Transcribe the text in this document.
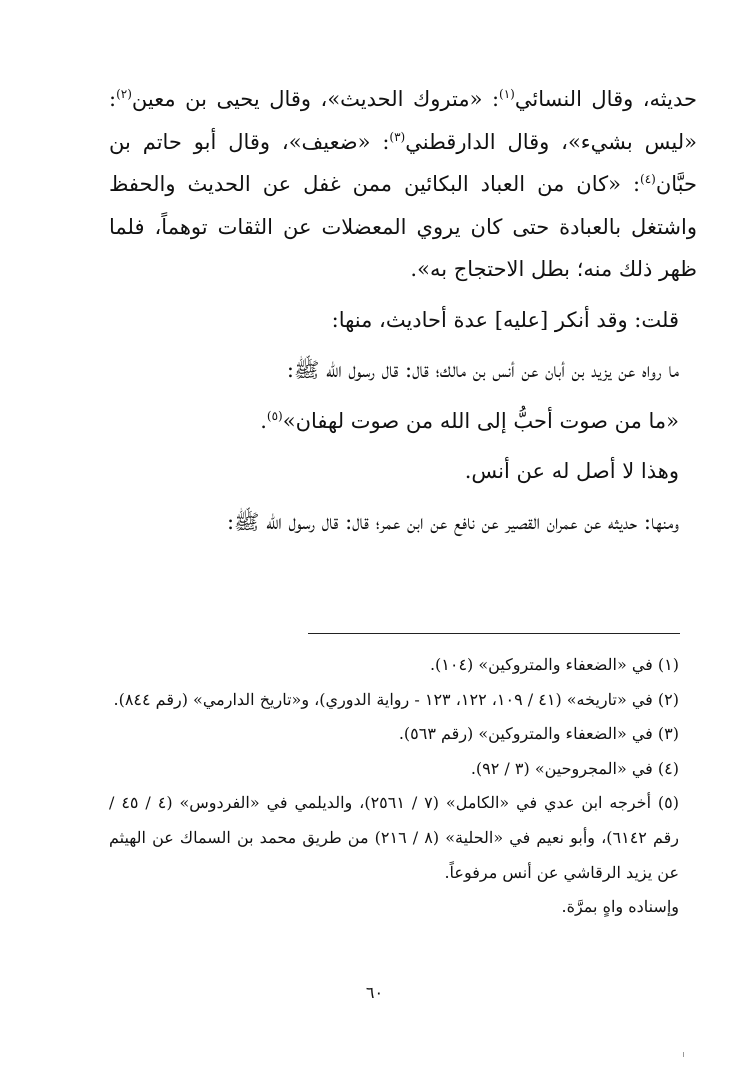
حديثه، وقال النسائي$^{(١)}$: «متروك الحديث»، وقال يحيى بن معين$^{(٢)}$: «ليس بشيء»، وقال الدارقطني$^{(٣)}$: «ضعيف»، وقال أبو حاتم بن حبَّان$^{(٤)}$: «كان من العباد البكائين ممن غفل عن الحديث والحفظ واشتغل بالعبادة حتى كان يروي المعضلات عن الثقات توهماً، فلما ظهر ذلك منه؛ بطل الاحتجاج به».

قلت: وقد أنكر [عليه] عدة أحاديث، منها:

ما رواه عن يزيد بن أبان عن أنس بن مالك؛ قال: قال رسول الله ﷺ:

«ما من صوت أحبُّ إلى الله من صوت لهفان»$^{(٥)}$.

وهذا لا أصل له عن أنس.

ومنها: حديثه عن عمران القصير عن نافع عن ابن عمر؛ قال: قال رسول الله ﷺ:

(١) في «الضعفاء والمتروكين» (١٠٤).

(٢) في «تاريخه» (٤١ / ١٠٩، ١٢٢، ١٢٣ - رواية الدوري)، و«تاريخ الدارمي» (رقم ٨٤٤).

(٣) في «الضعفاء والمتروكين» (رقم ٥٦٣).

(٤) في «المجروحين» (٣ / ٩٢).

(٥) أخرجه ابن عدي في «الكامل» (٧ / ٢٥٦١)، والديلمي في «الفردوس» (٤ / ٤٥ / رقم ٦١٤٢)، وأبو نعيم في «الحلية» (٨ / ٢١٦) من طريق محمد بن السماك عن الهيثم عن يزيد الرقاشي عن أنس مرفوعاً.

وإسناده واهٍ بمرَّة.

٦٠
